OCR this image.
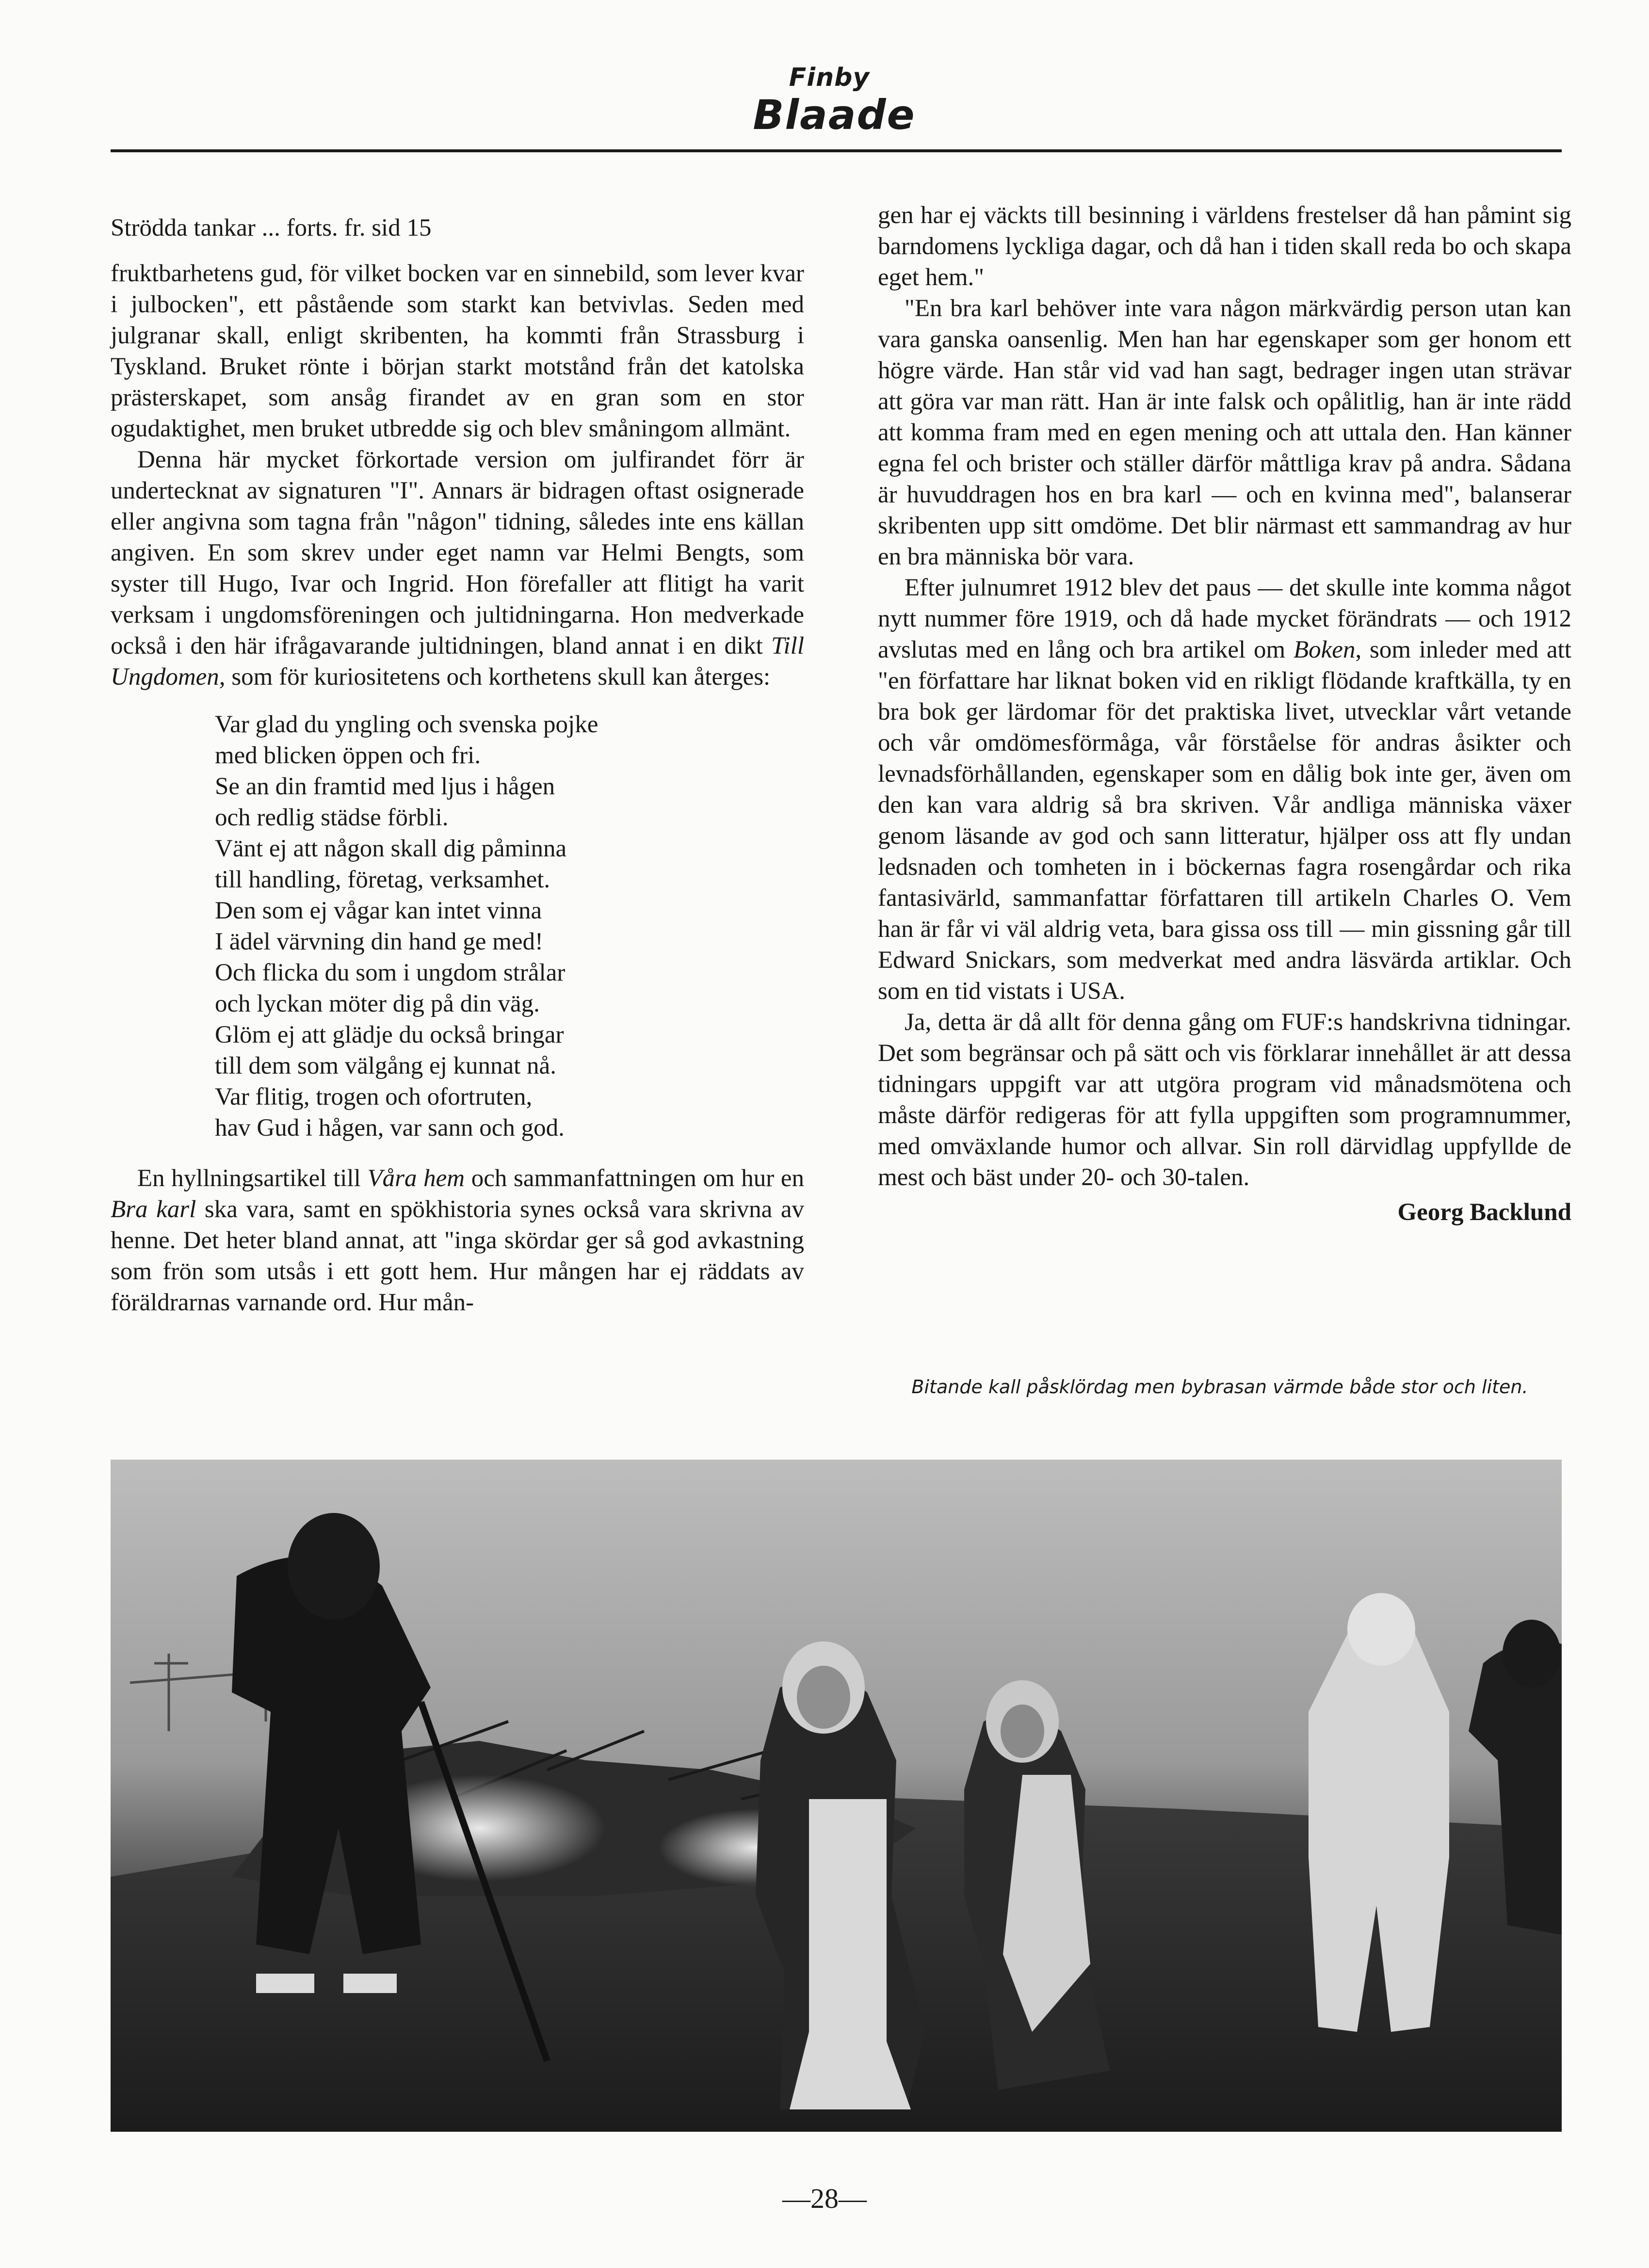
Finby
Blaade

Strödda tankar ... forts. fr. sid 15

fruktbarhetens gud, för vilket bocken var en sinnebild, som lever kvar i julbocken", ett påstående som starkt kan betvivlas. Seden med julgranar skall, enligt skribenten, ha kommti från Strassburg i Tyskland. Bruket rönte i början starkt motstånd från det katolska prästerskapet, som ansåg firandet av en gran som en stor ogudaktighet, men bruket utbredde sig och blev småningom allmänt.

Denna här mycket förkortade version om julfirandet förr är undertecknat av signaturen "I". Annars är bidragen oftast osignerade eller angivna som tagna från "någon" tidning, således inte ens källan angiven. En som skrev under eget namn var Helmi Bengts, som syster till Hugo, Ivar och Ingrid. Hon förefaller att flitigt ha varit verksam i ungdomsföreningen och jultidningarna. Hon medverkade också i den här ifrågavarande jultidningen, bland annat i en dikt Till Ungdomen, som för kuriositetens och korthetens skull kan återges:

Var glad du yngling och svenska pojke
med blicken öppen och fri.
Se an din framtid med ljus i hågen
och redlig städse förbli.
Vänt ej att någon skall dig påminna
till handling, företag, verksamhet.
Den som ej vågar kan intet vinna
I ädel värvning din hand ge med!
Och flicka du som i ungdom strålar
och lyckan möter dig på din väg.
Glöm ej att glädje du också bringar
till dem som välgång ej kunnat nå.
Var flitig, trogen och ofortruten,
hav Gud i hågen, var sann och god.

En hyllningsartikel till Våra hem och sammanfattningen om hur en Bra karl ska vara, samt en spökhistoria synes också vara skrivna av henne. Det heter bland annat, att "inga skördar ger så god avkastning som frön som utsås i ett gott hem. Hur mången har ej räddats av föräldrarnas varnande ord. Hur mån-

gen har ej väckts till besinning i världens frestelser då han påmint sig barndomens lyckliga dagar, och då han i tiden skall reda bo och skapa eget hem."

"En bra karl behöver inte vara någon märkvärdig person utan kan vara ganska oansenlig. Men han har egenskaper som ger honom ett högre värde. Han står vid vad han sagt, bedrager ingen utan strävar att göra var man rätt. Han är inte falsk och opålitlig, han är inte rädd att komma fram med en egen mening och att uttala den. Han känner egna fel och brister och ställer därför måttliga krav på andra. Sådana är huvuddragen hos en bra karl — och en kvinna med", balanserar skribenten upp sitt omdöme. Det blir närmast ett sammandrag av hur en bra människa bör vara.

Efter julnumret 1912 blev det paus — det skulle inte komma något nytt nummer före 1919, och då hade mycket förändrats — och 1912 avslutas med en lång och bra artikel om Boken, som inleder med att "en författare har liknat boken vid en rikligt flödande kraftkälla, ty en bra bok ger lärdomar för det praktiska livet, utvecklar vårt vetande och vår omdömesförmåga, vår förståelse för andras åsikter och levnadsförhållanden, egenskaper som en dålig bok inte ger, även om den kan vara aldrig så bra skriven. Vår andliga människa växer genom läsande av god och sann litteratur, hjälper oss att fly undan ledsnaden och tomheten in i böckernas fagra rosengårdar och rika fantasivärld, sammanfattar författaren till artikeln Charles O. Vem han är får vi väl aldrig veta, bara gissa oss till — min gissning går till Edward Snickars, som medverkat med andra läsvärda artiklar. Och som en tid vistats i USA.

Ja, detta är då allt för denna gång om FUF:s handskrivna tidningar. Det som begränsar och på sätt och vis förklarar innehållet är att dessa tidningars uppgift var att utgöra program vid månadsmötena och måste därför redigeras för att fylla uppgiften som programnummer, med omväxlande humor och allvar. Sin roll därvidlag uppfyllde de mest och bäst under 20- och 30-talen.

Georg Backlund

Bitande kall påsklördag men bybrasan värmde både stor och liten.
—28—
